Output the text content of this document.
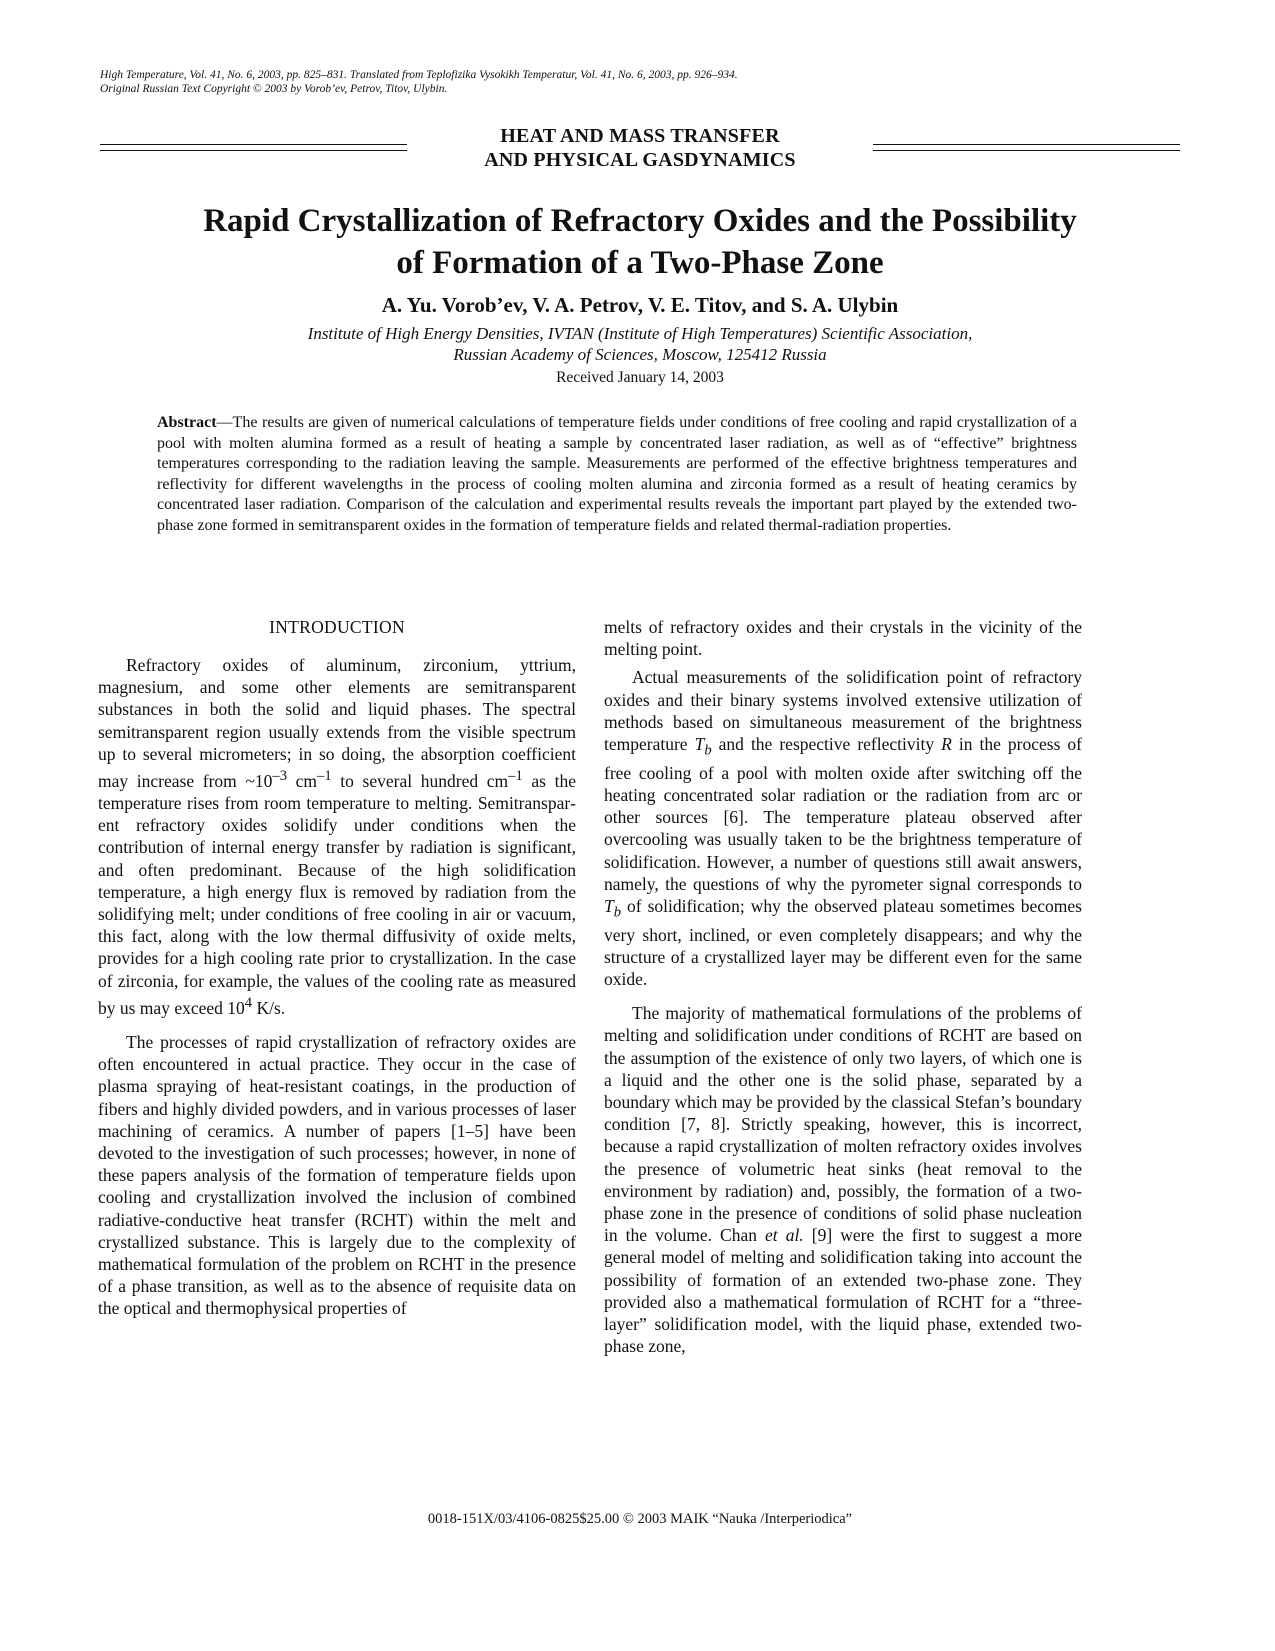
High Temperature, Vol. 41, No. 6, 2003, pp. 825–831. Translated from Teplofizika Vysokikh Temperatur, Vol. 41, No. 6, 2003, pp. 926–934.
Original Russian Text Copyright © 2003 by Vorob’ev, Petrov, Titov, Ulybin.
HEAT AND MASS TRANSFER
AND PHYSICAL GASDYNAMICS
Rapid Crystallization of Refractory Oxides and the Possibility
of Formation of a Two-Phase Zone
A. Yu. Vorob’ev, V. A. Petrov, V. E. Titov, and S. A. Ulybin
Institute of High Energy Densities, IVTAN (Institute of High Temperatures) Scientific Association,
Russian Academy of Sciences, Moscow, 125412 Russia
Received January 14, 2003

Abstract—The results are given of numerical calculations of temperature fields under conditions of free cooling and rapid crystallization of a pool with molten alumina formed as a result of heating a sample by concentrated laser radiation, as well as of “effective” brightness temperatures corresponding to the radiation leaving the sample. Measurements are performed of the effective brightness temperatures and reflectivity for different wavelengths in the process of cooling molten alumina and zirconia formed as a result of heating ceramics by concentrated laser radiation. Comparison of the calculation and experimental results reveals the important part played by the extended two-phase zone formed in semitransparent oxides in the formation of temperature fields and related thermal-radiation properties.

INTRODUCTION

Refractory oxides of aluminum, zirconium, yttrium, magnesium, and some other elements are semitransparent substances in both the solid and liquid phases. The spectral semitransparent region usually extends from the visible spectrum up to several micrometers; in so doing, the absorption coefficient may increase from $\sim 10^{-3}$ $cm^{-1}$ to several hundred $cm^{-1}$ as the temperature rises from room temperature to melting. Semitransparent refractory oxides solidify under conditions when the contribution of internal energy transfer by radiation is significant, and often predominant. Because of the high solidification temperature, a high energy flux is removed by radiation from the solidifying melt; under conditions of free cooling in air or vacuum, this fact, along with the low thermal diffusivity of oxide melts, provides for a high cooling rate prior to crystallization. In the case of zirconia, for example, the values of the cooling rate as measured by us may exceed $10^4$ K/s.

The processes of rapid crystallization of refractory oxides are often encountered in actual practice. They occur in the case of plasma spraying of heat-resistant coatings, in the production of fibers and highly divided powders, and in various processes of laser machining of ceramics. A number of papers [1–5] have been devoted to the investigation of such processes; however, in none of these papers analysis of the formation of temperature fields upon cooling and crystallization involved the inclusion of combined radiative-conductive heat transfer (RCHT) within the melt and crystallized substance. This is largely due to the complexity of mathematical formulation of the problem on RCHT in the presence of a phase transition, as well as to the absence of requisite data on the optical and thermophysical properties of

melts of refractory oxides and their crystals in the vicinity of the melting point.

Actual measurements of the solidification point of refractory oxides and their binary systems involved extensive utilization of methods based on simultaneous measurement of the brightness temperature $T_b$ and the respective reflectivity R in the process of free cooling of a pool with molten oxide after switching off the heating concentrated solar radiation or the radiation from arc or other sources [6]. The temperature plateau observed after overcooling was usually taken to be the brightness temperature of solidification. However, a number of questions still await answers, namely, the questions of why the pyrometer signal corresponds to $T_b$ of solidification; why the observed plateau sometimes becomes very short, inclined, or even completely disappears; and why the structure of a crystallized layer may be different even for the same oxide.

The majority of mathematical formulations of the problems of melting and solidification under conditions of RCHT are based on the assumption of the existence of only two layers, of which one is a liquid and the other one is the solid phase, separated by a boundary which may be provided by the classical Stefan’s boundary condition [7, 8]. Strictly speaking, however, this is incorrect, because a rapid crystallization of molten refractory oxides involves the presence of volumetric heat sinks (heat removal to the environment by radiation) and, possibly, the formation of a two-phase zone in the presence of conditions of solid phase nucleation in the volume. Chan et al. [9] were the first to suggest a more general model of melting and solidification taking into account the possibility of formation of an extended two-phase zone. They provided also a mathematical formulation of RCHT for a “three-layer” solidification model, with the liquid phase, extended two-phase zone,

0018-151X/03/4106-0825$25.00 © 2003 MAIK “Nauka /Interperiodica”
